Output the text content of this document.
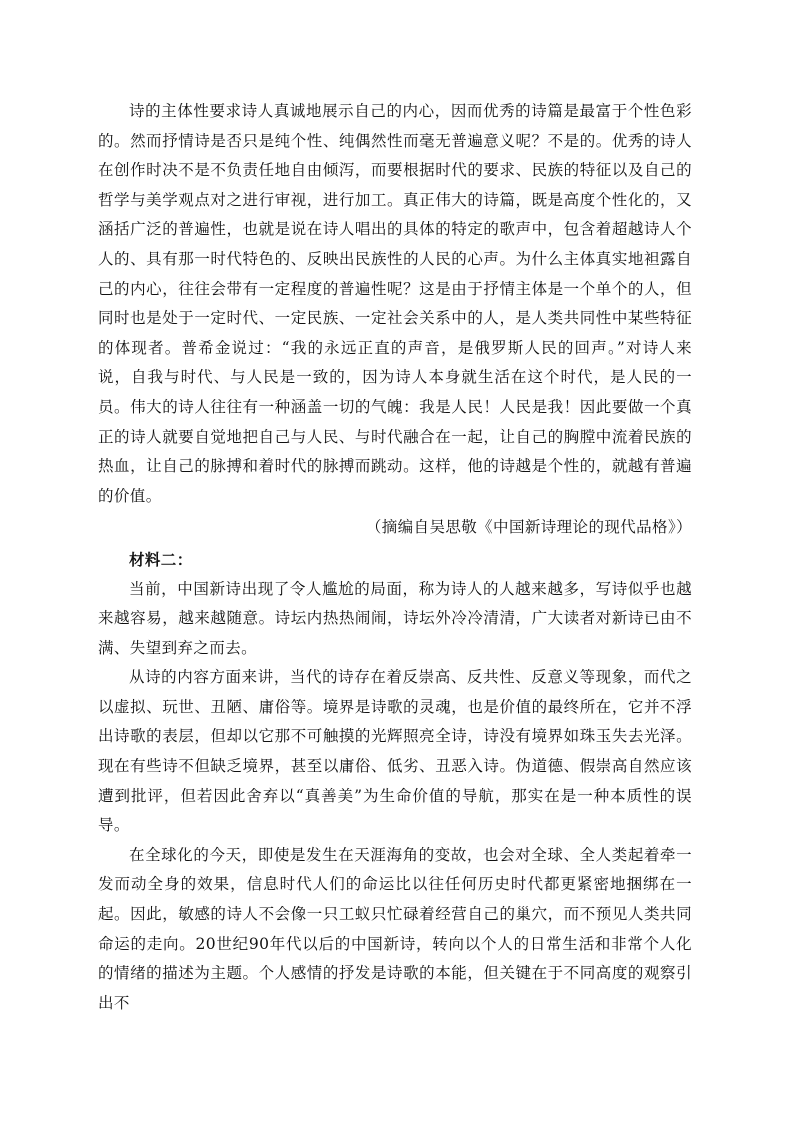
诗的主体性要求诗人真诚地展示自己的内心，因而优秀的诗篇是最富于个性色彩的。然而抒情诗是否只是纯个性、纯偶然性而毫无普遍意义呢？不是的。优秀的诗人在创作时决不是不负责任地自由倾泻，而要根据时代的要求、民族的特征以及自己的哲学与美学观点对之进行审视，进行加工。真正伟大的诗篇，既是高度个性化的，又涵括广泛的普遍性，也就是说在诗人唱出的具体的特定的歌声中，包含着超越诗人个人的、具有那一时代特色的、反映出民族性的人民的心声。为什么主体真实地袒露自己的内心，往往会带有一定程度的普遍性呢？这是由于抒情主体是一个单个的人，但同时也是处于一定时代、一定民族、一定社会关系中的人，是人类共同性中某些特征的体现者。普希金说过：“我的永远正直的声音，是俄罗斯人民的回声。”对诗人来说，自我与时代、与人民是一致的，因为诗人本身就生活在这个时代，是人民的一员。伟大的诗人往往有一种涵盖一切的气魄：我是人民！人民是我！因此要做一个真正的诗人就要自觉地把自己与人民、与时代融合在一起，让自己的胸膛中流着民族的热血，让自己的脉搏和着时代的脉搏而跳动。这样，他的诗越是个性的，就越有普遍的价值。

（摘编自吴思敬《中国新诗理论的现代品格》）

材料二：

当前，中国新诗出现了令人尴尬的局面，称为诗人的人越来越多，写诗似乎也越来越容易，越来越随意。诗坛内热热闹闹，诗坛外冷冷清清，广大读者对新诗已由不满、失望到弃之而去。

从诗的内容方面来讲，当代的诗存在着反崇高、反共性、反意义等现象，而代之以虚拟、玩世、丑陋、庸俗等。境界是诗歌的灵魂，也是价值的最终所在，它并不浮出诗歌的表层，但却以它那不可触摸的光辉照亮全诗，诗没有境界如珠玉失去光泽。现在有些诗不但缺乏境界，甚至以庸俗、低劣、丑恶入诗。伪道德、假崇高自然应该遭到批评，但若因此舍弃以“真善美”为生命价值的导航，那实在是一种本质性的误导。

在全球化的今天，即使是发生在天涯海角的变故，也会对全球、全人类起着牵一发而动全身的效果，信息时代人们的命运比以往任何历史时代都更紧密地捆绑在一起。因此，敏感的诗人不会像一只工蚁只忙碌着经营自己的巢穴，而不预见人类共同命运的走向。20世纪90年代以后的中国新诗，转向以个人的日常生活和非常个人化的情绪的描述为主题。个人感情的抒发是诗歌的本能，但关键在于不同高度的观察引出不
